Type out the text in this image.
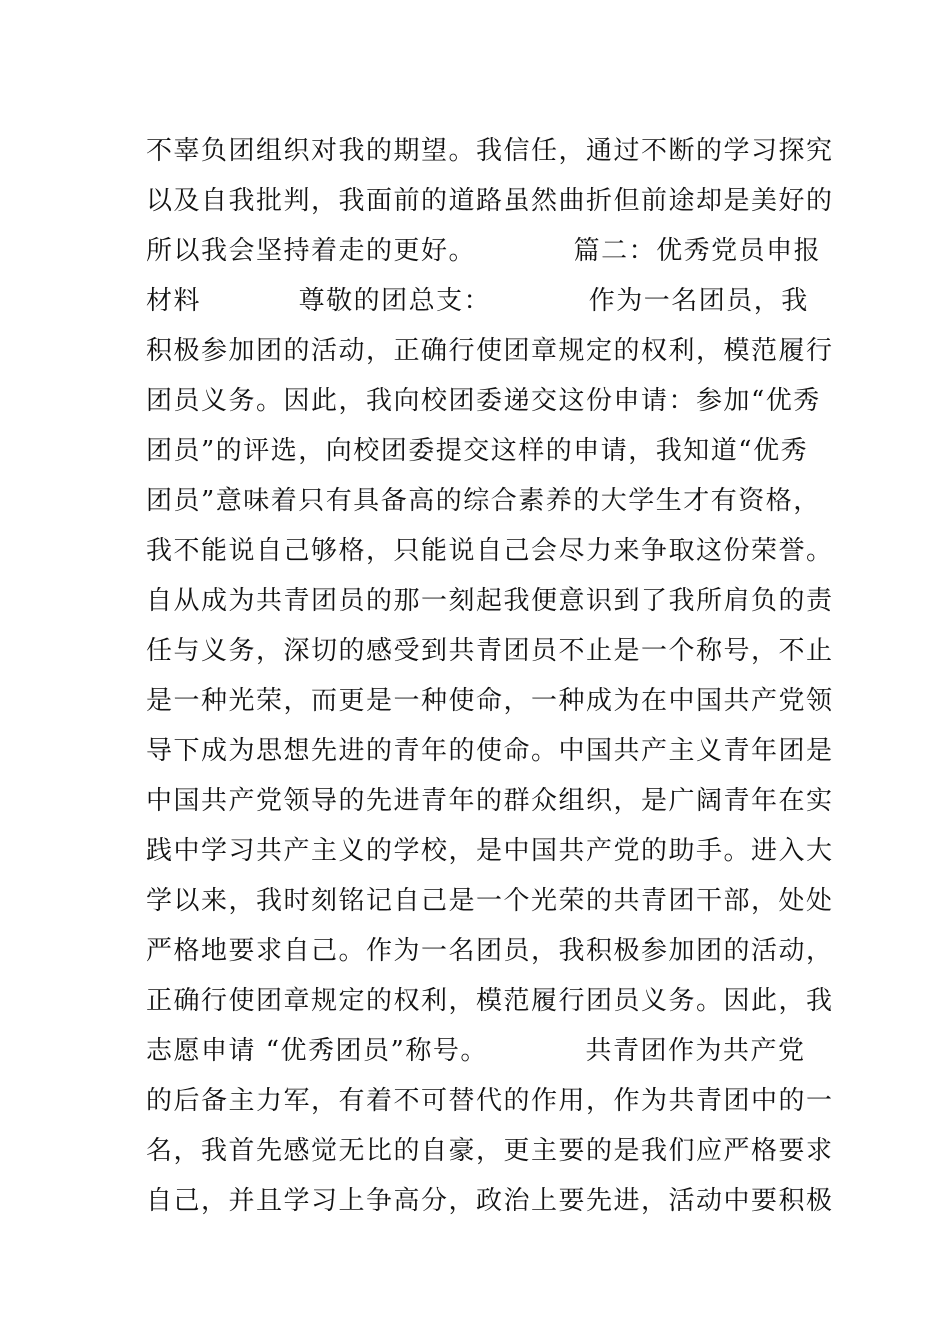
不辜负团组织对我的期望。我信任，通过不断的学习探究
以及自我批判，我面前的道路虽然曲折但前途却是美好的
所以我会坚持着走的更好。          篇二：优秀党员申报
材料          尊敬的团总支：          作为一名团员，我
积极参加团的活动，正确行使团章规定的权利，模范履行
团员义务。因此，我向校团委递交这份申请：参加“优秀
团员”的评选，向校团委提交这样的申请，我知道“优秀
团员”意味着只有具备高的综合素养的大学生才有资格，
我不能说自己够格，只能说自己会尽力来争取这份荣誉。
自从成为共青团员的那一刻起我便意识到了我所肩负的责
任与义务，深切的感受到共青团员不止是一个称号，不止
是一种光荣，而更是一种使命，一种成为在中国共产党领
导下成为思想先进的青年的使命。中国共产主义青年团是
中国共产党领导的先进青年的群众组织，是广阔青年在实
践中学习共产主义的学校，是中国共产党的助手。进入大
学以来，我时刻铭记自己是一个光荣的共青团干部，处处
严格地要求自己。作为一名团员，我积极参加团的活动，
正确行使团章规定的权利，模范履行团员义务。因此，我
志愿申请 “优秀团员”称号。          共青团作为共产党
的后备主力军，有着不可替代的作用，作为共青团中的一
名，我首先感觉无比的自豪，更主要的是我们应严格要求
自己，并且学习上争高分，政治上要先进，活动中要积极
